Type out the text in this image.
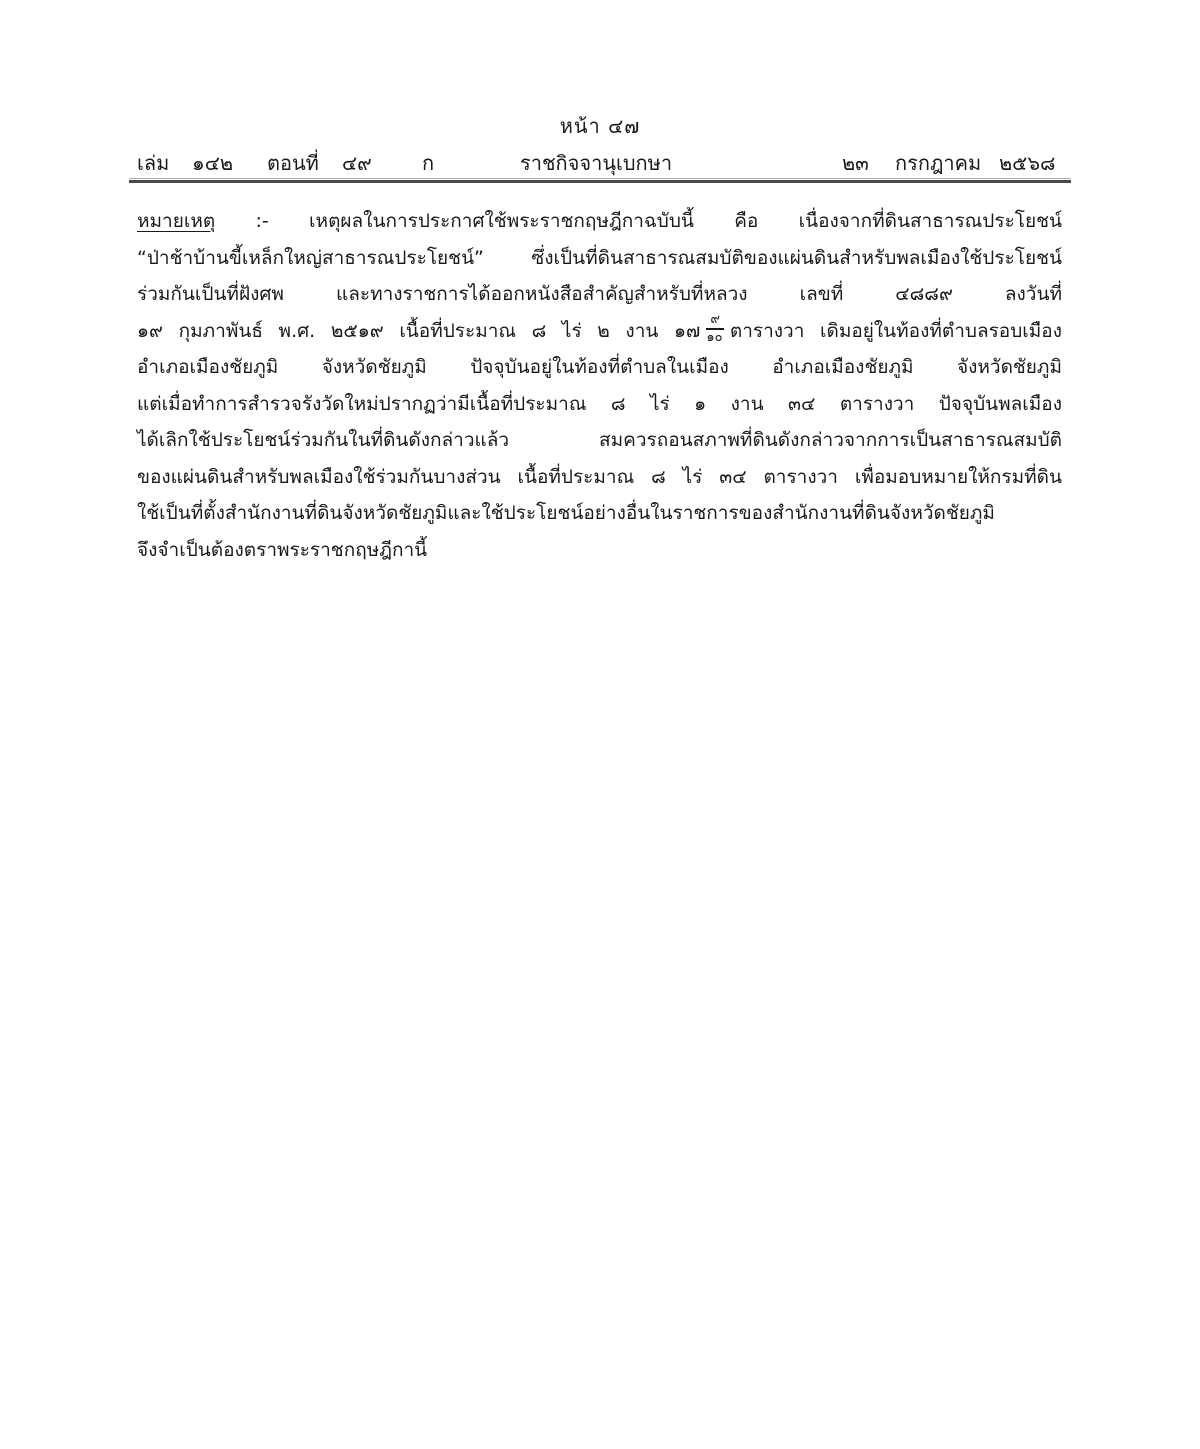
หน้า ๔๗
เล่ม ๑๔๒ ตอนที่ ๔๙	ก	ราชกิจจานุเบกษา	๒๓ กรกฎาคม ๒๕๖๘
หมายเหตุ :- เหตุผลในการประกาศใช้พระราชกฤษฎีกาฉบับนี้ คือ เนื่องจากที่ดินสาธารณประโยชน์
“ป่าช้าบ้านขี้เหล็กใหญ่สาธารณประโยชน์” ซึ่งเป็นที่ดินสาธารณสมบัติของแผ่นดินสำหรับพลเมืองใช้ประโยชน์
ร่วมกันเป็นที่ฝังศพ และทางราชการได้ออกหนังสือสำคัญสำหรับที่หลวง เลขที่ ๔๘๘๙ ลงวันที่
๑๙ กุมภาพันธ์ พ.ศ. ๒๕๑๙ เนื้อที่ประมาณ ๘ ไร่ ๒ งาน ๑๗ $\frac{๙}{๑๐}$ ตารางวา เดิมอยู่ในท้องที่ตำบลรอบเมือง
อำเภอเมืองชัยภูมิ จังหวัดชัยภูมิ ปัจจุบันอยู่ในท้องที่ตำบลในเมือง อำเภอเมืองชัยภูมิ จังหวัดชัยภูมิ
แต่เมื่อทำการสำรวจรังวัดใหม่ปรากฏว่ามีเนื้อที่ประมาณ ๘ ไร่ ๑ งาน ๓๔ ตารางวา ปัจจุบันพลเมือง
ได้เลิกใช้ประโยชน์ร่วมกันในที่ดินดังกล่าวแล้ว สมควรถอนสภาพที่ดินดังกล่าวจากการเป็นสาธารณสมบัติ
ของแผ่นดินสำหรับพลเมืองใช้ร่วมกันบางส่วน เนื้อที่ประมาณ ๘ ไร่ ๓๔ ตารางวา เพื่อมอบหมายให้กรมที่ดิน
ใช้เป็นที่ตั้งสำนักงานที่ดินจังหวัดชัยภูมิและใช้ประโยชน์อย่างอื่นในราชการของสำนักงานที่ดินจังหวัดชัยภูมิ
จึงจำเป็นต้องตราพระราชกฤษฎีกานี้
